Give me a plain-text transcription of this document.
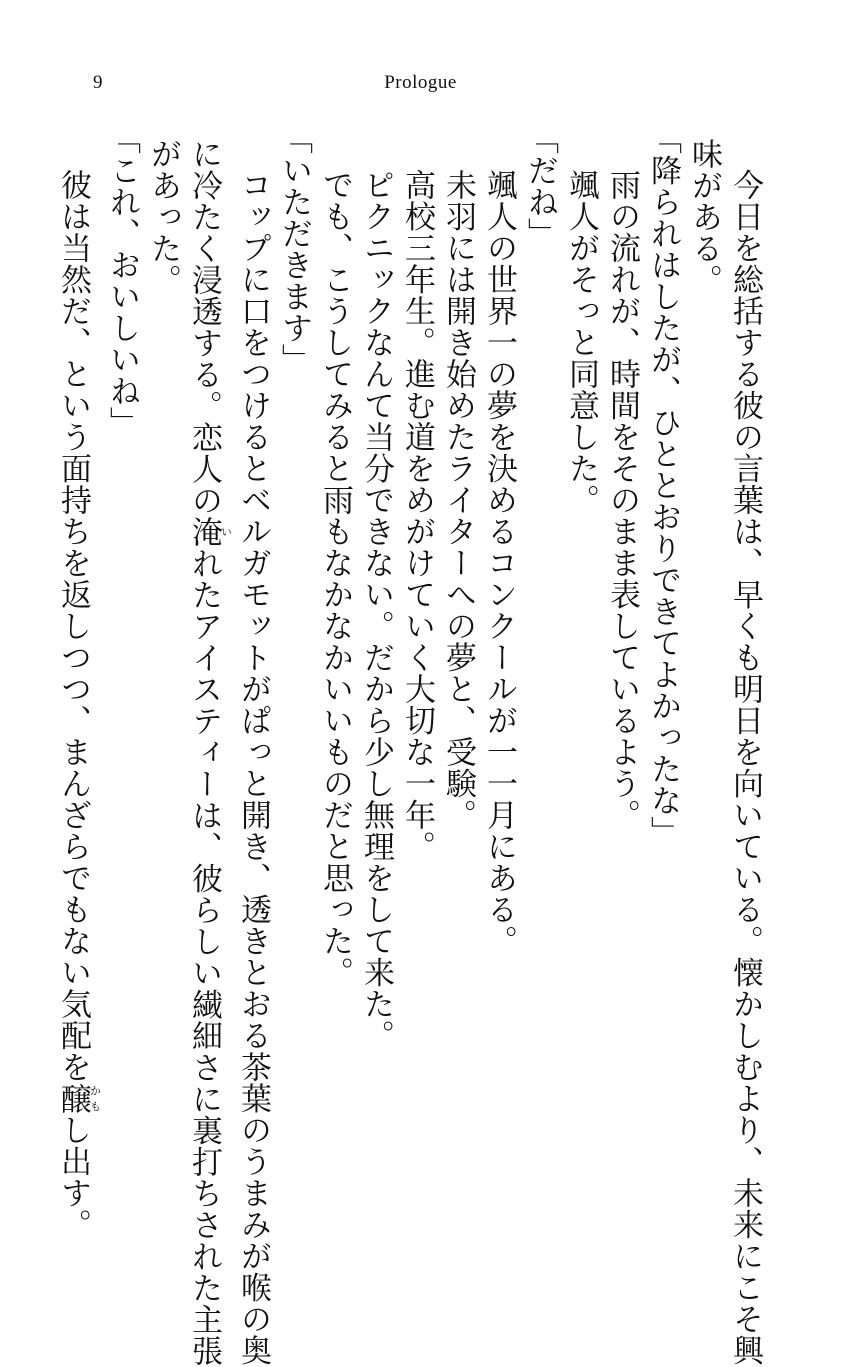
9	Prologue
今日を総括する彼の言葉は、早くも明日を向いている。懐かしむより、未来にこそ興
味がある。
「降られはしたが、ひととおりできてよかったな」
雨の流れが、時間をそのまま表しているよう。
颯人がそっと同意した。
「だね」
颯人の世界一の夢を決めるコンクールが一一月にある。
未羽には開き始めたライターへの夢と、受験。
高校三年生。進む道をめがけていく大切な一年。
ピクニックなんて当分できない。だから少し無理をして来た。
でも、こうしてみると雨もなかなかいいものだと思った。
「いただきます」
コップに口をつけるとベルガモットがぱっと開き、透きとおる茶葉のうまみが喉の奥
に冷たく浸透する。恋人の淹いれたアイスティーは、彼らしい繊細さに裏打ちされた主張
があった。
「これ、おいしいね」
彼は当然だ、という面持ちを返しつつ、まんざらでもない気配を醸かもし出す。
